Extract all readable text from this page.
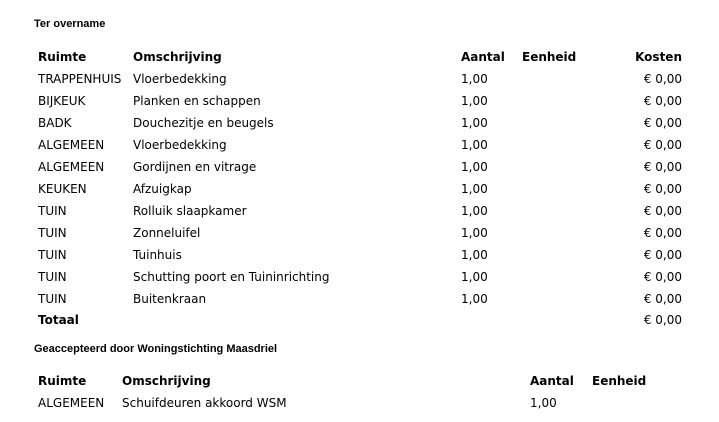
Ter overname
Ruimte	Omschrijving	Aantal Eenheid	Kosten
TRAPPENHUIS Vloerbedekking	1,00	€ 0,00
BIJKEUK	Planken en schappen	1,00	€ 0,00
BADK	Douchezitje en beugels	1,00	€ 0,00
ALGEMEEN Vloerbedekking	1,00	€ 0,00
ALGEMEEN Gordijnen en vitrage	1,00	€ 0,00
KEUKEN	Afzuigkap	1,00	€ 0,00
TUIN	Rolluik slaapkamer	1,00	€ 0,00
TUIN	Zonneluifel	1,00	€ 0,00
TUIN	Tuinhuis	1,00	€ 0,00
TUIN	Schutting poort en Tuininrichting	1,00	€ 0,00
TUIN	Buitenkraan	1,00	€ 0,00
Totaal	€ 0,00
Geaccepteerd door Woningstichting Maasdriel
Ruimte	Omschrijving	Aantal Eenheid
ALGEMEEN Schuifdeuren akkoord WSM	1,00
